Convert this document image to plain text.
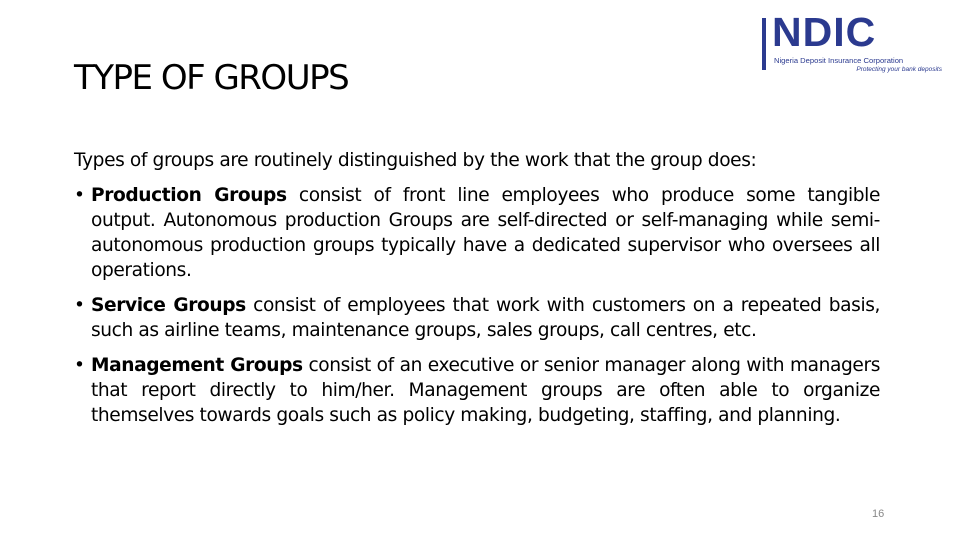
NDIC
Nigeria Deposit Insurance Corporation
Protecting your bank deposits
TYPE OF GROUPS

Types of groups are routinely distinguished by the work that the group does:

• Production Groups consist of front line employees who produce some tangible output. Autonomous production Groups are self-directed or self-managing while semi-autonomous production groups typically have a dedicated supervisor who oversees all operations.
• Service Groups consist of employees that work with customers on a repeated basis, such as airline teams, maintenance groups, sales groups, call centres, etc.
• Management Groups consist of an executive or senior manager along with managers that report directly to him/her. Management groups are often able to organize themselves towards goals such as policy making, budgeting, staffing, and planning.
16
